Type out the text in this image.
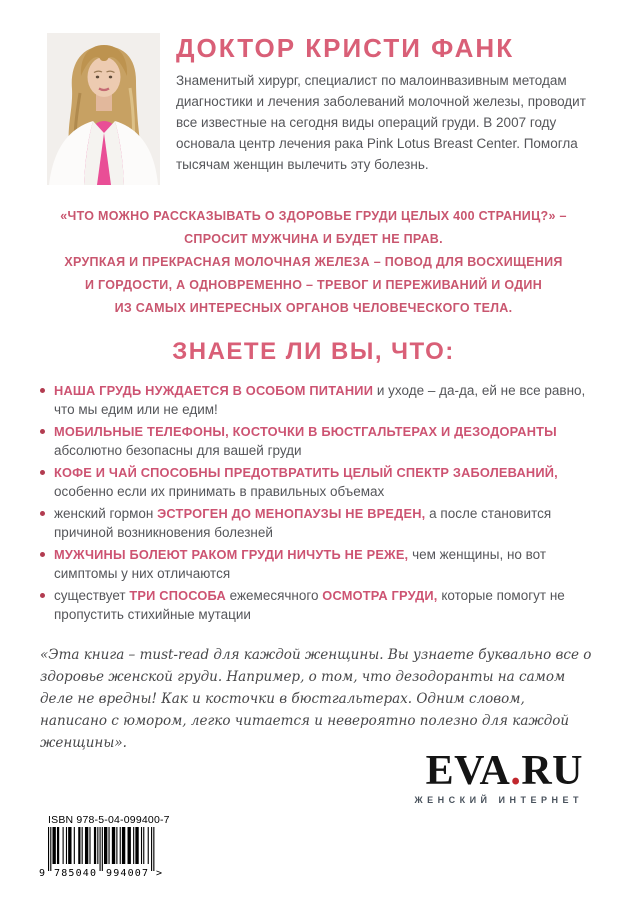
ДОКТОР КРИСТИ ФАНК
Знаменитый хирург, специалист по малоинвазивным методам диагностики и лечения заболеваний молочной железы, проводит все известные на сегодня виды операций груди. В 2007 году основала центр лечения рака Pink Lotus Breast Center. Помогла тысячам женщин вылечить эту болезнь.
«ЧТО МОЖНО РАССКАЗЫВАТЬ О ЗДОРОВЬЕ ГРУДИ ЦЕЛЫХ 400 СТРАНИЦ?» –
СПРОСИТ МУЖЧИНА И БУДЕТ НЕ ПРАВ.
ХРУПКАЯ И ПРЕКРАСНАЯ МОЛОЧНАЯ ЖЕЛЕЗА – ПОВОД ДЛЯ ВОСХИЩЕНИЯ
И ГОРДОСТИ, А ОДНОВРЕМЕННО – ТРЕВОГ И ПЕРЕЖИВАНИЙ И ОДИН
ИЗ САМЫХ ИНТЕРЕСНЫХ ОРГАНОВ ЧЕЛОВЕЧЕСКОГО ТЕЛА.
ЗНАЕТЕ ЛИ ВЫ, ЧТО:
НАША ГРУДЬ НУЖДАЕТСЯ В ОСОБОМ ПИТАНИИ и уходе – да-да, ей не все равно, что мы едим или не едим!
МОБИЛЬНЫЕ ТЕЛЕФОНЫ, КОСТОЧКИ В БЮСТГАЛЬТЕРАХ И ДЕЗОДОРАНТЫ абсолютно безопасны для вашей груди
КОФЕ И ЧАЙ СПОСОБНЫ ПРЕДОТВРАТИТЬ ЦЕЛЫЙ СПЕКТР ЗАБОЛЕВАНИЙ, особенно если их принимать в правильных объемах
женский гормон ЭСТРОГЕН ДО МЕНОПАУЗЫ НЕ ВРЕДЕН, а после становится причиной возникновения болезней
МУЖЧИНЫ БОЛЕЮТ РАКОМ ГРУДИ НИЧУТЬ НЕ РЕЖЕ, чем женщины, но вот симптомы у них отличаются
существует ТРИ СПОСОБА ежемесячного ОСМОТРА ГРУДИ, которые помогут не пропустить стихийные мутации
«Эта книга – must-read для каждой женщины. Вы узнаете буквально все о здоровье женской груди. Например, о том, что дезодоранты на самом деле не вредны! Как и косточки в бюстгальтерах. Одним словом, написано с юмором, легко читается и невероятно полезно для каждой женщины».
EVA.RU
ЖЕНСКИЙ ИНТЕРНЕТ
ISBN 978-5-04-099400-7
9 785040 994007 >
